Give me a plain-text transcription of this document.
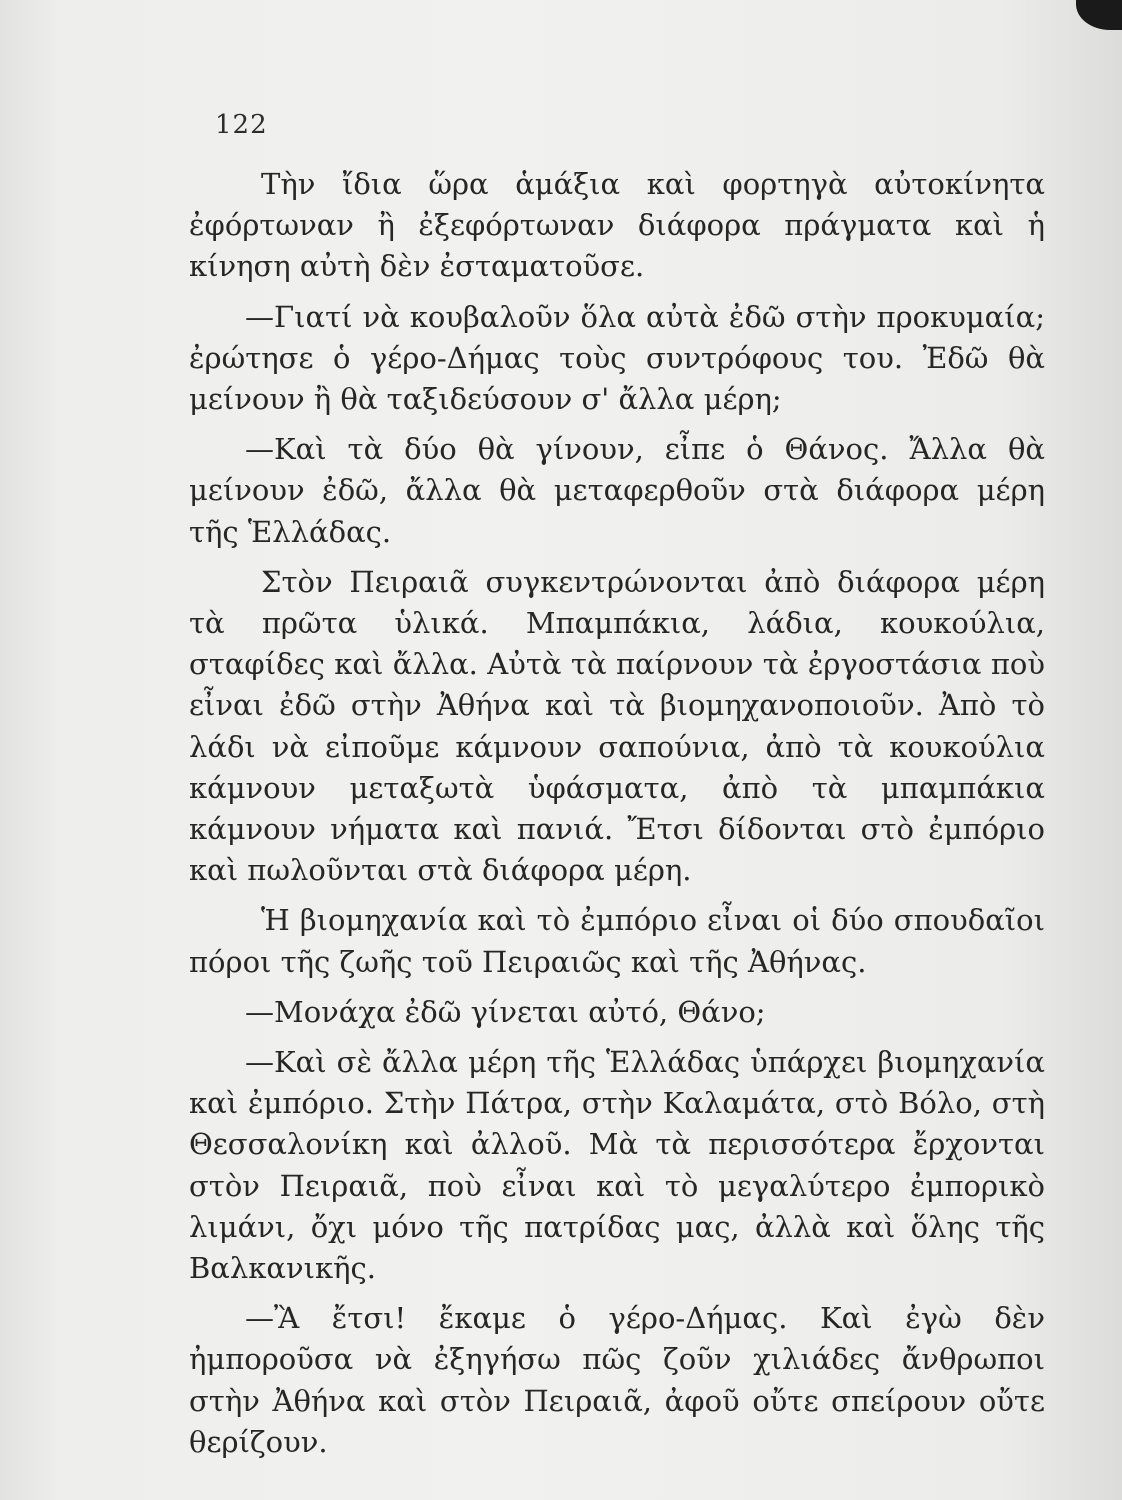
122

Τὴν ἴδια ὥρα ἁμάξια καὶ φορτηγὰ αὐτοκίνητα ἐφόρτωναν ἢ ἐξεφόρτωναν διάφορα πράγματα καὶ ἡ κίνηση αὐτὴ δὲν ἐσταματοῦσε.

—Γιατί νὰ κουβαλοῦν ὅλα αὐτὰ ἐδῶ στὴν προκυμαία; ἐρώτησε ὁ γέρο-Δήμας τοὺς συντρόφους του. Ἐδῶ θὰ μείνουν ἢ θὰ ταξιδεύσουν σ' ἄλλα μέρη;

—Καὶ τὰ δύο θὰ γίνουν, εἶπε ὁ Θάνος. Ἄλλα θὰ μείνουν ἐδῶ, ἄλλα θὰ μεταφερθοῦν στὰ διάφορα μέρη τῆς Ἑλλάδας.

Στὸν Πειραιᾶ συγκεντρώνονται ἀπὸ διάφορα μέρη τὰ πρῶτα ὑλικά. Μπαμπάκια, λάδια, κουκούλια, σταφίδες καὶ ἄλλα. Αὐτὰ τὰ παίρνουν τὰ ἐργοστάσια ποὺ εἶναι ἐδῶ στὴν Ἀθήνα καὶ τὰ βιομηχανοποιοῦν. Ἀπὸ τὸ λάδι νὰ εἰποῦμε κάμνουν σαπούνια, ἀπὸ τὰ κουκούλια κάμνουν μεταξωτὰ ὑφάσματα, ἀπὸ τὰ μπαμπάκια κάμνουν νήματα καὶ πανιά. Ἔτσι δίδονται στὸ ἐμπόριο καὶ πωλοῦνται στὰ διάφορα μέρη.

Ἡ βιομηχανία καὶ τὸ ἐμπόριο εἶναι οἱ δύο σπουδαῖοι πόροι τῆς ζωῆς τοῦ Πειραιῶς καὶ τῆς Ἀθήνας.

—Μονάχα ἐδῶ γίνεται αὐτό, Θάνο;

—Καὶ σὲ ἄλλα μέρη τῆς Ἑλλάδας ὑπάρχει βιομηχανία καὶ ἐμπόριο. Στὴν Πάτρα, στὴν Καλαμάτα, στὸ Βόλο, στὴ Θεσσαλονίκη καὶ ἀλλοῦ. Μὰ τὰ περισσότερα ἔρχονται στὸν Πειραιᾶ, ποὺ εἶναι καὶ τὸ μεγαλύτερο ἐμπορικὸ λιμάνι, ὄχι μόνο τῆς πατρίδας μας, ἀλλὰ καὶ ὅλης τῆς Βαλκανικῆς.

—Ἂ ἔτσι! ἔκαμε ὁ γέρο-Δήμας. Καὶ ἐγὼ δὲν ἠμποροῦσα νὰ ἐξηγήσω πῶς ζοῦν χιλιάδες ἄνθρωποι στὴν Ἀθήνα καὶ στὸν Πειραιᾶ, ἀφοῦ οὔτε σπείρουν οὔτε θερίζουν.
